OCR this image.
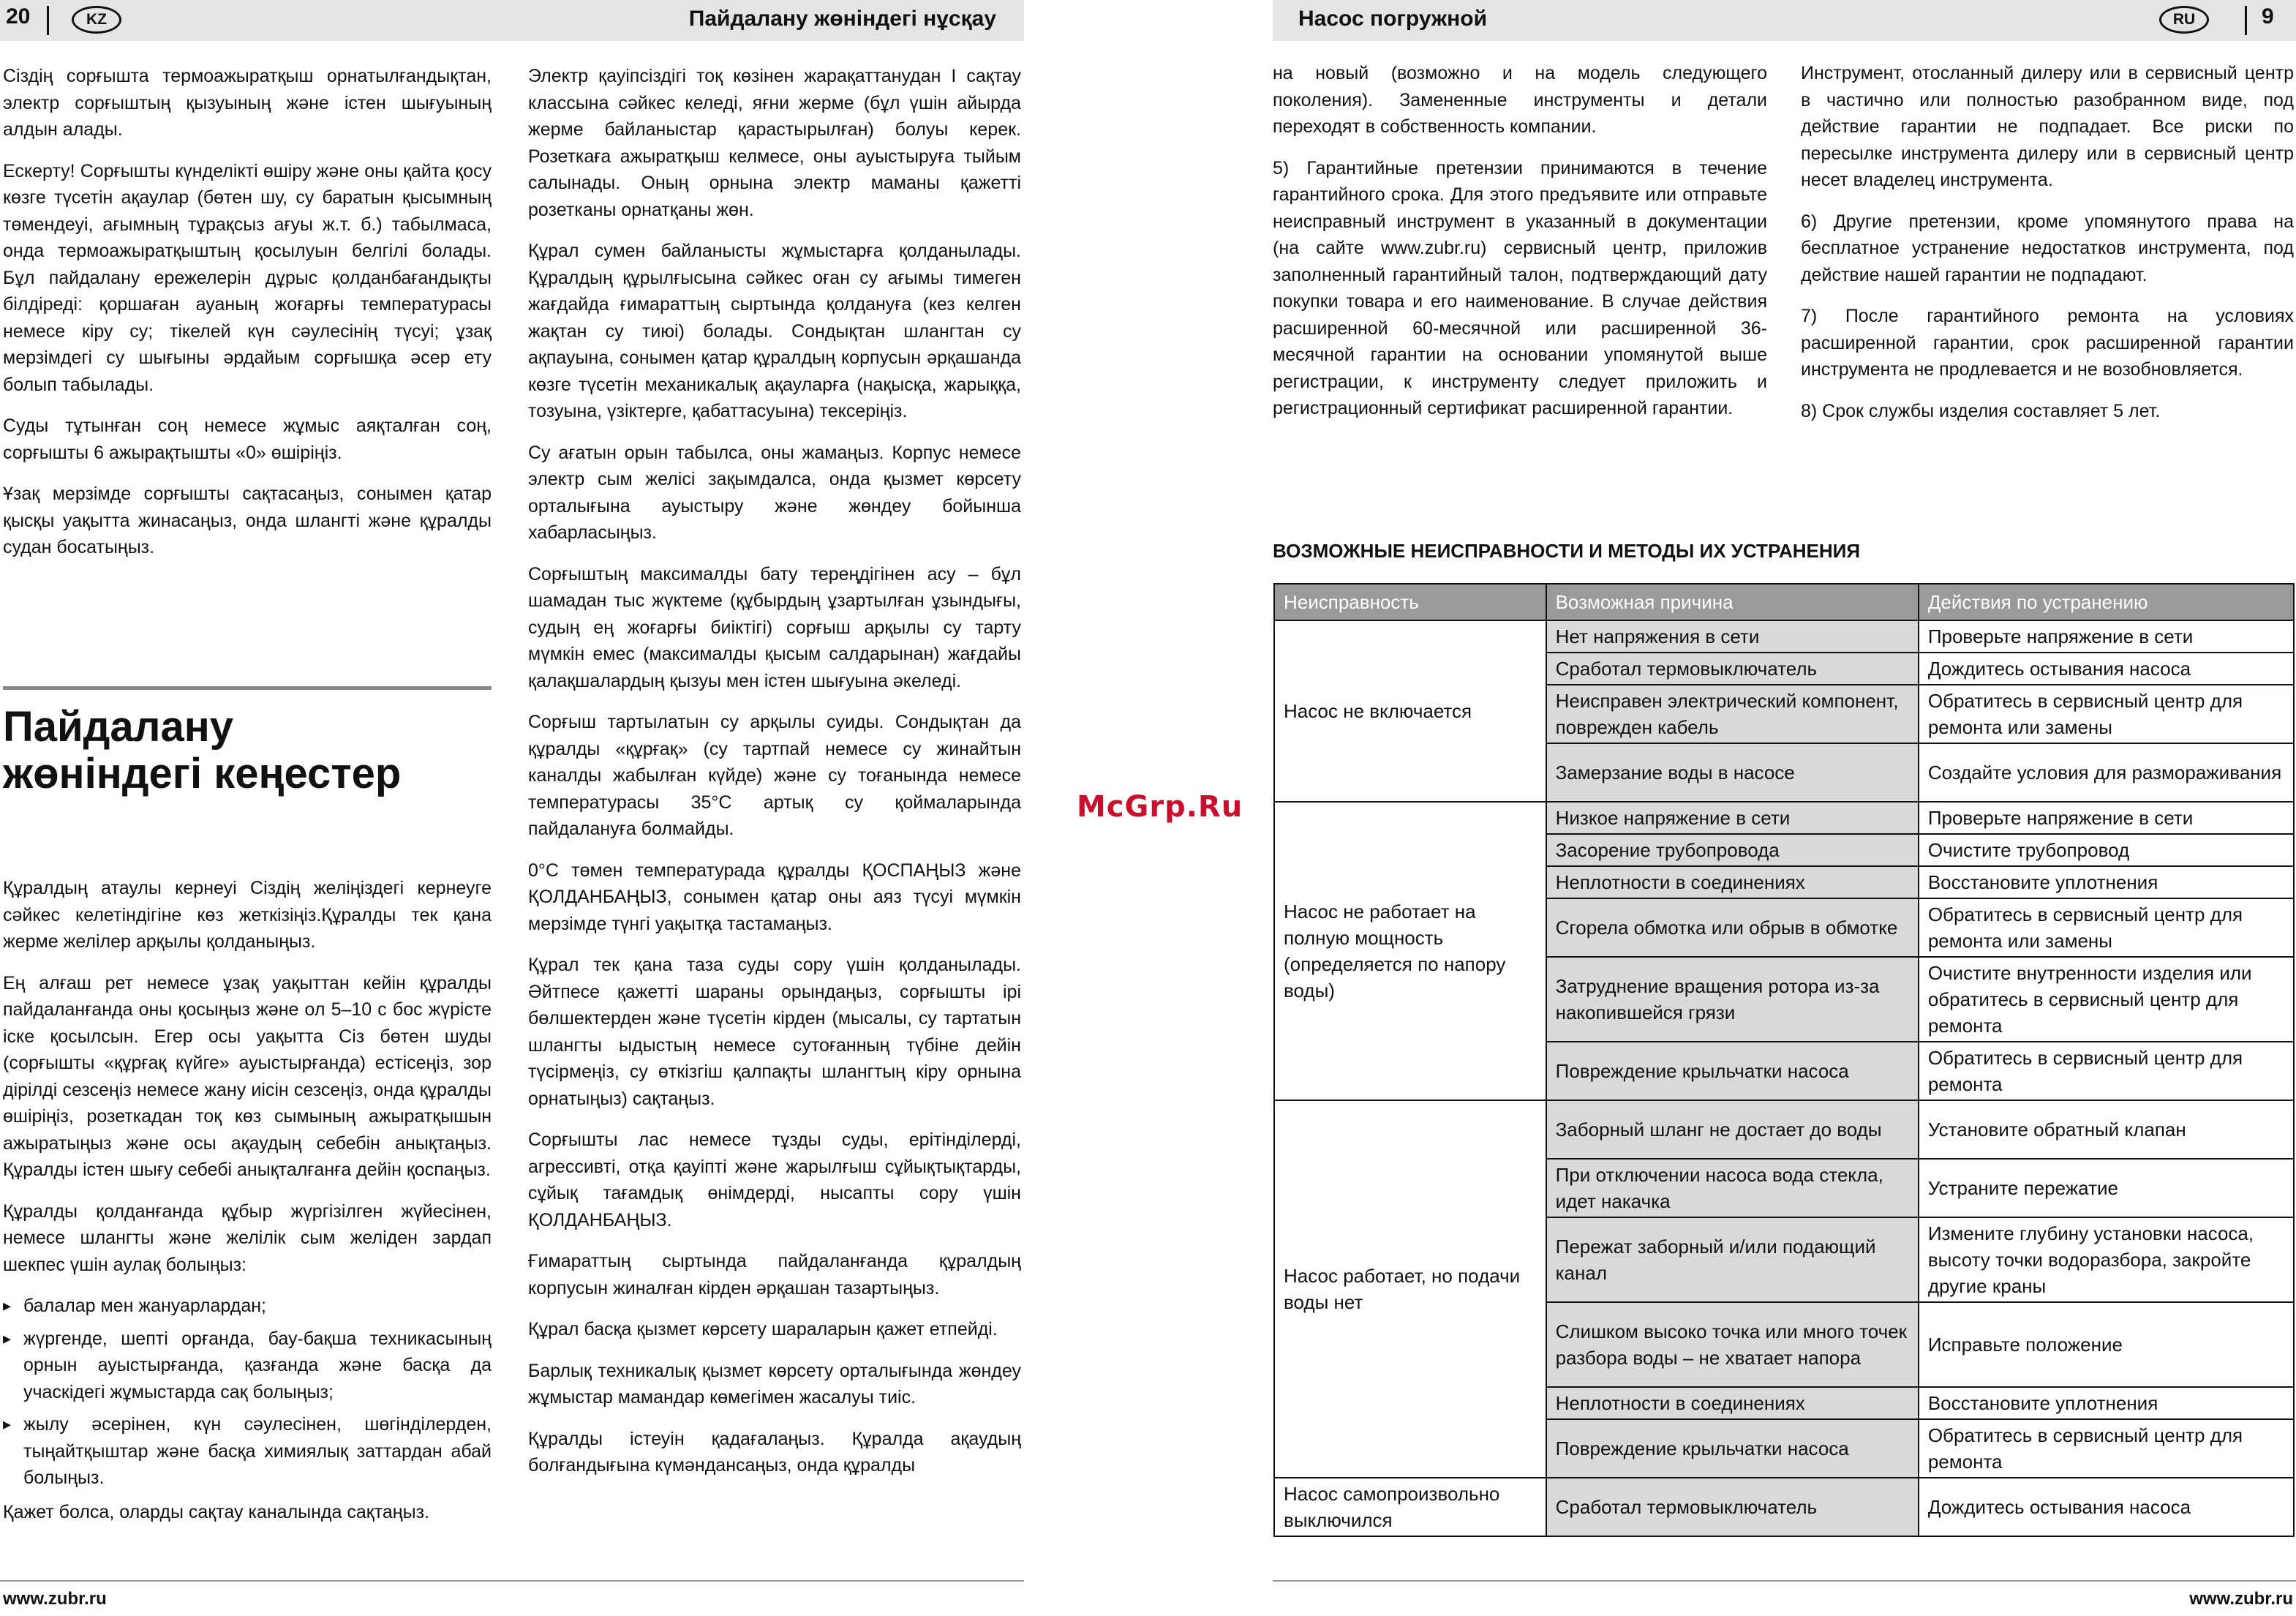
20	KZ	Пайдалану жөніндегі нұсқау

Сіздің сорғышта термоажыратқыш орнатылғандықтан, электр сорғыштың қызуының және істен шығуының алдын алады.

Ескерту! Сорғышты күнделікті өшіру және оны қайта қосу көзге түсетін ақаулар (бөтен шу, су баратын қысымның төмендеуі, ағымның тұрақсыз ағуы ж.т. б.) табылмаса, онда термоажыратқыштың қосылуын белгілі болады. Бұл пайдалану ережелерін дұрыс қолданбағандықты білдіреді: қоршаған ауаның жоғарғы температурасы немесе кіру су; тікелей күн сәулесінің түсуі; ұзақ мерзімдегі су шығыны әрдайым сорғышқа әсер ету болып табылады.

Суды тұтынған соң немесе жұмыс аяқталған соң, сорғышты 6 ажырақтышты «0» өшіріңіз.

Ұзақ мерзімде сорғышты сақтасаңыз, сонымен қатар қысқы уақытта жинасаңыз, онда шлангті және құралды судан босатыңыз.

Пайдалану
жөніндегі кеңестер

Құралдың атаулы кернеуі Сіздің желіңіздегі кернеуге сәйкес келетіндігіне көз жеткізіңіз.Құралды тек қана жерме желiлер арқылы қолданыңыз.

Ең алғаш рет немесе ұзақ уақыттан кейін құралды пайдаланғанда оны қосыңыз және ол 5–10 с бос жүрісте іске қосылсын. Егер осы уақытта Сіз бөтен шуды (сорғышты «құрғақ күйге» ауыстырғанда) естісеңіз, зор дірілді сезсеңіз немесе жану иісін сезсеңіз, онда құралды өшіріңіз, розеткадан тоқ көз сымының ажыратқышын ажыратыңыз және осы ақаудың себебін анықтаңыз. Құралды істен шығу себебі анықталғанға дейін қоспаңыз.

Құралды қолданғанда құбыр жүргізілген жүйесінен, немесе шлангты және желілік сым желіден зардап шекпес үшін аулақ болыңыз:

▸ балалар мен жануарлардан;
▸ жүргенде, шепті орғанда, бау-бақша техникасының орнын ауыстырғанда, қазғанда және басқа да учаскідегі жұмыстарда сақ болыңыз;
▸ жылу әсерінен, күн сәулесінен, шөгінділерден, тыңайтқыштар және басқа химиялық заттардан абай болыңыз.

Қажет болса, оларды сақтау каналында сақтаңыз.

Электр қауіпсіздігі тоқ көзінен жарақаттанудан І сақтау классына сәйкес келеді, яғни жерме (бұл үшін айырда жерме байланыстар қарастырылған) болуы керек. Розеткаға ажыратқыш келмесе, оны ауыстыруға тыйым салынады. Оның орнына электр маманы қажетті розетканы орнатқаны жөн.

Құрал сумен байланысты жұмыстарға қолданылады. Құралдың құрылғысына сәйкес оған су ағымы тимеген жағдайда ғимараттың сыртында қолдануға (кез келген жақтан су тиюі) болады. Сондықтан шлангтан су ақпауына, сонымен қатар құралдың корпусын әрқашанда көзге түсетін механикалық ақауларға (нақысқа, жарыққа, тозуына, үзіктерге, қабаттасуына) тексеріңіз.

Су ағатын орын табылса, оны жамаңыз. Корпус немесе электр сым желісі зақымдалса, онда қызмет көрсету орталығына ауыстыру және жөндеу бойынша хабарласыңыз.

Сорғыштың максималды бату тереңдігінен асу – бұл шамадан тыс жүктеме (құбырдың ұзартылған ұзындығы, судың ең жоғарғы биіктігі) сорғыш арқылы су тарту мүмкін емес (максималды қысым салдарынан) жағдайы қалақшалардың қызуы мен істен шығуына әкеледі.

Сорғыш тартылатын су арқылы суиды. Сондықтан да құралды «құрғақ» (су тартпай немесе су жинайтын каналды жабылған күйде) және су тоғанында немесе температурасы 35°С артық су қоймаларында пайдалануға болмайды.

0°С төмен температурада құралды ҚОСПАҢЫЗ және ҚОЛДАНБАҢЫЗ, сонымен қатар оны аяз түсуі мүмкін мерзімде түнгі уақытқа тастамаңыз.

Құрал тек қана таза суды сору үшін қолданылады. Әйтпесе қажетті шараны орындаңыз, сорғышты ірі бөлшектерден және түсетін кірден (мысалы, су тартатын шлангты ыдыстың немесе сутоғанның түбіне дейін түсірмеңіз, су өткізгіш қалпақты шлангтың кіру орнына орнатыңыз) сақтаңыз.

Сорғышты лас немесе тұзды суды, ерітінділерді, агрессивті, отқа қауіпті және жарылғыш сұйықтықтарды, сұйық тағамдық өнімдерді, нысапты сору үшін ҚОЛДАНБАҢЫЗ.

Ғимараттың сыртында пайдаланғанда құралдың корпусын жиналған кірден әрқашан тазартыңыз.

Құрал басқа қызмет көрсету шараларын қажет етпейді.

Барлық техникалық қызмет көрсету орталығында жөндеу жұмыстар мамандар көмегімен жасалуы тиіс.

Құралды істеуін қадағалаңыз. Құралда ақаудың болғандығына күмәндансаңыз, онда құралды

www.zubr.ru
McGrp.Ru
Насос погружной	RU	9

на новый (возможно и на модель следующего поколения). Замененные инструменты и детали переходят в собственность компании.

5) Гарантийные претензии принимаются в течение гарантийного срока. Для этого предъявите или отправьте неисправный инструмент в указанный в документации (на сайте www.zubr.ru) сервисный центр, приложив заполненный гарантийный талон, подтверждающий дату покупки товара и его наименование. В случае действия расширенной 60-месячной или расширенной 36-месячной гарантии на основании упомянутой выше регистрации, к инструменту следует приложить и регистрационный сертификат расширенной гарантии.

Инструмент, отосланный дилеру или в сервисный центр в частично или полностью разобранном виде, под действие гарантии не подпадает. Все риски по пересылке инструмента дилеру или в сервисный центр несет владелец инструмента.

6) Другие претензии, кроме упомянутого права на бесплатное устранение недостатков инструмента, под действие нашей гарантии не подпадают.

7) После гарантийного ремонта на условиях расширенной гарантии, срок расширенной гарантии инструмента не продлевается и не возобновляется.

8) Срок службы изделия составляет 5 лет.

ВОЗМОЖНЫЕ НЕИСПРАВНОСТИ И МЕТОДЫ ИХ УСТРАНЕНИЯ
Неисправность	Возможная причина	Действия по устранению
Насос не включается	Нет напряжения в сети	Проверьте напряжение в сети
	Сработал термовыключатель	Дождитесь остывания насоса
	Неисправен электрический компонент, поврежден кабель	Обратитесь в сервисный центр для ремонта или замены
	Замерзание воды в насосе	Создайте условия для размораживания
Насос не работает на полную мощность (определяется по напору воды)	Низкое напряжение в сети	Проверьте напряжение в сети
	Засорение трубопровода	Очистите трубопровод
	Неплотности в соединениях	Восстановите уплотнения
	Сгорела обмотка или обрыв в обмотке	Обратитесь в сервисный центр для ремонта или замены
	Затруднение вращения ротора из-за накопившейся грязи	Очистите внутренности изделия или обратитесь в сервисный центр для ремонта
	Повреждение крыльчатки насоса	Обратитесь в сервисный центр для ремонта
Насос работает, но подачи воды нет	Заборный шланг не достает до воды	Установите обратный клапан
	При отключении насоса вода стекла, идет накачка	Устраните пережатие
	Пережат заборный и/или подающий канал	Измените глубину установки насоса, высоту точки водоразбора, закройте другие краны
	Слишком высоко точка или много точек разбора воды – не хватает напора	Исправьте положение
	Неплотности в соединениях	Восстановите уплотнения
	Повреждение крыльчатки насоса	Обратитесь в сервисный центр для ремонта
Насос самопроизвольно выключился	Сработал термовыключатель	Дождитесь остывания насоса
www.zubr.ru
